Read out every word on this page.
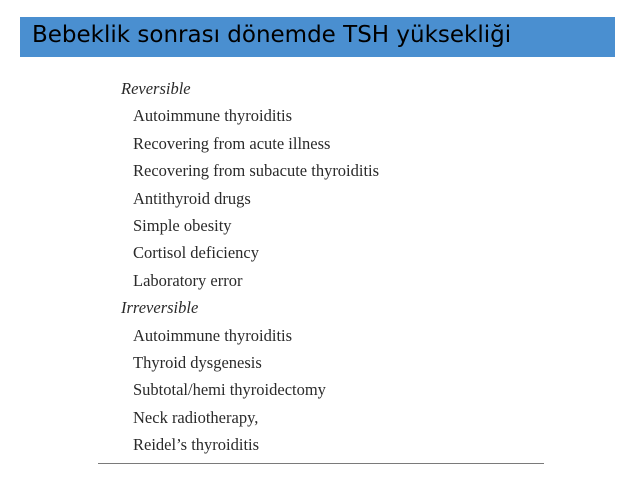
Bebeklik sonrası dönemde TSH yüksekliği
Reversible
Autoimmune thyroiditis
Recovering from acute illness
Recovering from subacute thyroiditis
Antithyroid drugs
Simple obesity
Cortisol deficiency
Laboratory error
Irreversible
Autoimmune thyroiditis
Thyroid dysgenesis
Subtotal/hemi thyroidectomy
Neck radiotherapy,
Reidel’s thyroiditis
